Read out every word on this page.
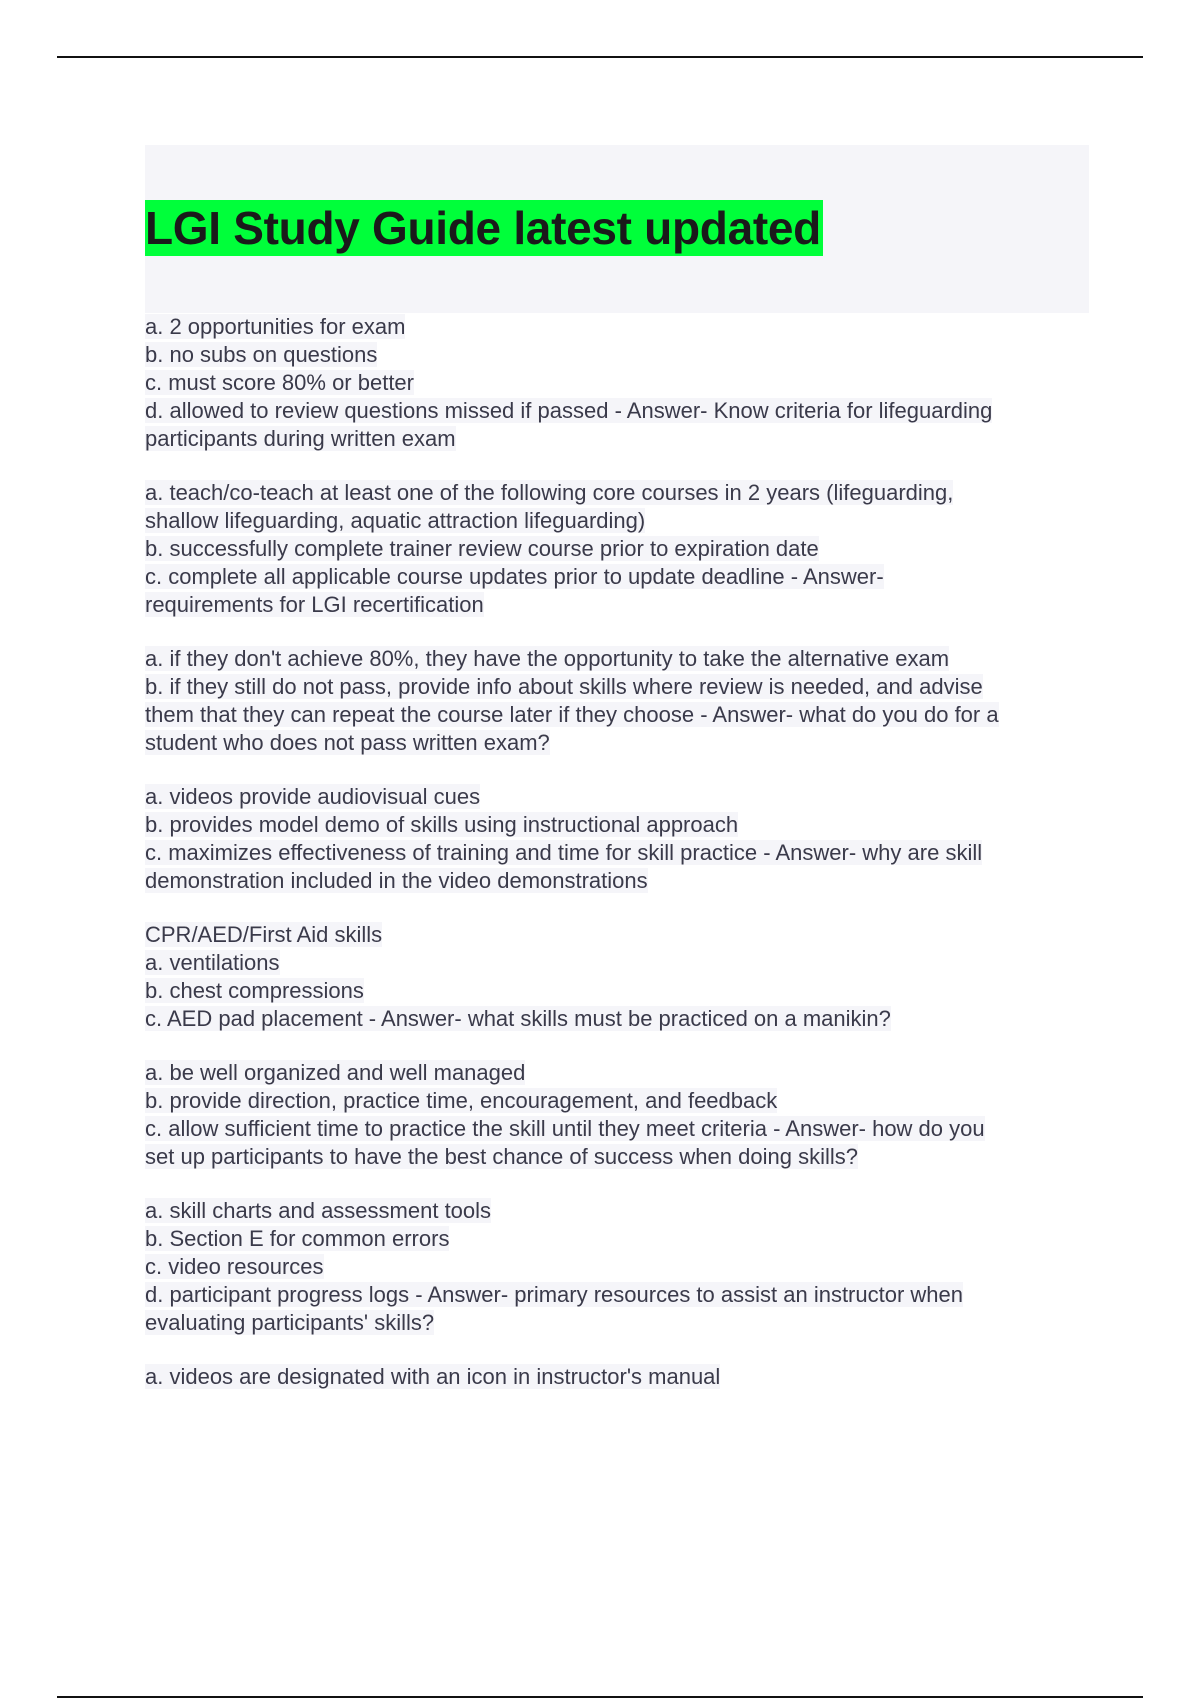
LGI Study Guide latest updated
a. 2 opportunities for exam
b. no subs on questions
c. must score 80% or better
d. allowed to review questions missed if passed - Answer- Know criteria for lifeguarding
participants during written exam
a. teach/co-teach at least one of the following core courses in 2 years (lifeguarding,
shallow lifeguarding, aquatic attraction lifeguarding)
b. successfully complete trainer review course prior to expiration date
c. complete all applicable course updates prior to update deadline - Answer-
requirements for LGI recertification
a. if they don't achieve 80%, they have the opportunity to take the alternative exam
b. if they still do not pass, provide info about skills where review is needed, and advise
them that they can repeat the course later if they choose - Answer- what do you do for a
student who does not pass written exam?
a. videos provide audiovisual cues
b. provides model demo of skills using instructional approach
c. maximizes effectiveness of training and time for skill practice - Answer- why are skill
demonstration included in the video demonstrations
CPR/AED/First Aid skills
a. ventilations
b. chest compressions
c. AED pad placement - Answer- what skills must be practiced on a manikin?
a. be well organized and well managed
b. provide direction, practice time, encouragement, and feedback
c. allow sufficient time to practice the skill until they meet criteria - Answer- how do you
set up participants to have the best chance of success when doing skills?
a. skill charts and assessment tools
b. Section E for common errors
c. video resources
d. participant progress logs - Answer- primary resources to assist an instructor when
evaluating participants' skills?
a. videos are designated with an icon in instructor's manual
